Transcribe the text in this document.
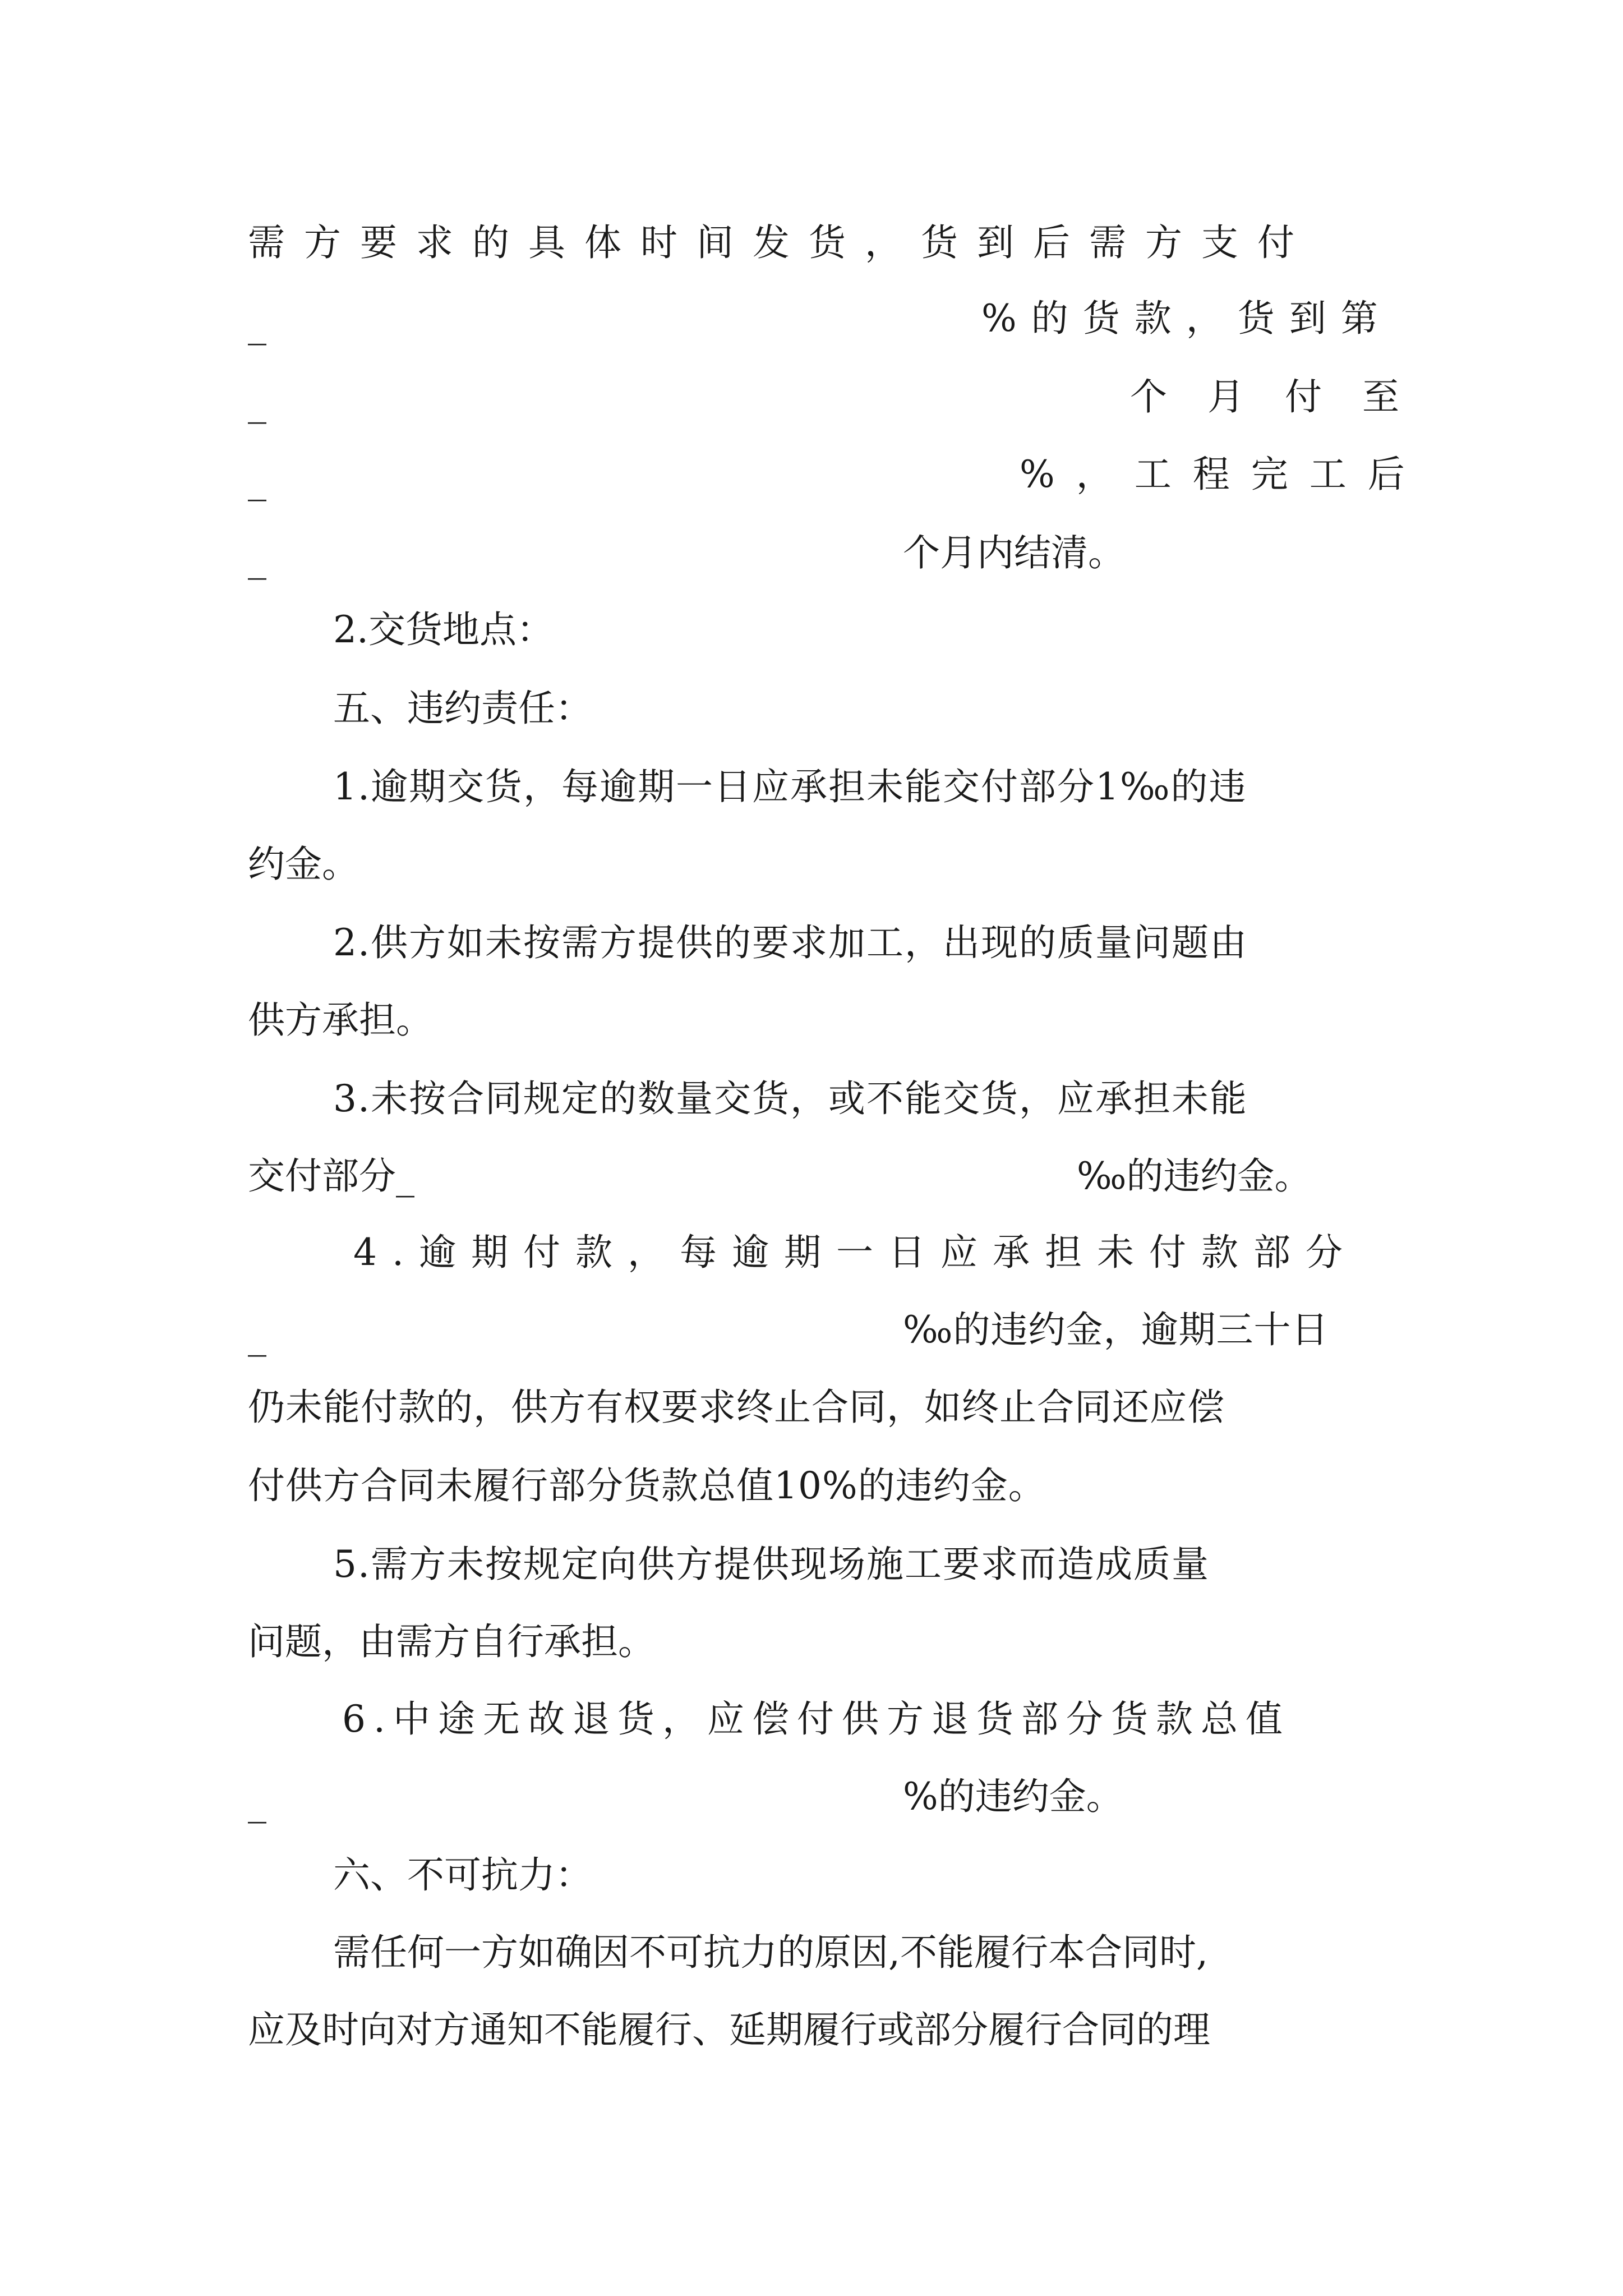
需方要求的具体时间发货，货到后需方支付
_	%的货款，货到第
_	个月付至
_	%，工程完工后
_	个月内结清。
2.交货地点：
五、违约责任：
1.逾期交货，每逾期一日应承担未能交付部分1‰的违
约金。
2.供方如未按需方提供的要求加工，出现的质量问题由
供方承担。
3.未按合同规定的数量交货，或不能交货，应承担未能
交付部分_	‰的违约金。
4.逾期付款，每逾期一日应承担未付款部分
_	‰的违约金，逾期三十日
仍未能付款的，供方有权要求终止合同，如终止合同还应偿
付供方合同未履行部分货款总值10%的违约金。
5.需方未按规定向供方提供现场施工要求而造成质量
问题，由需方自行承担。
6.中途无故退货，应偿付供方退货部分货款总值
_	%的违约金。
六、不可抗力：
需任何一方如确因不可抗力的原因,不能履行本合同时,
应及时向对方通知不能履行、延期履行或部分履行合同的理
